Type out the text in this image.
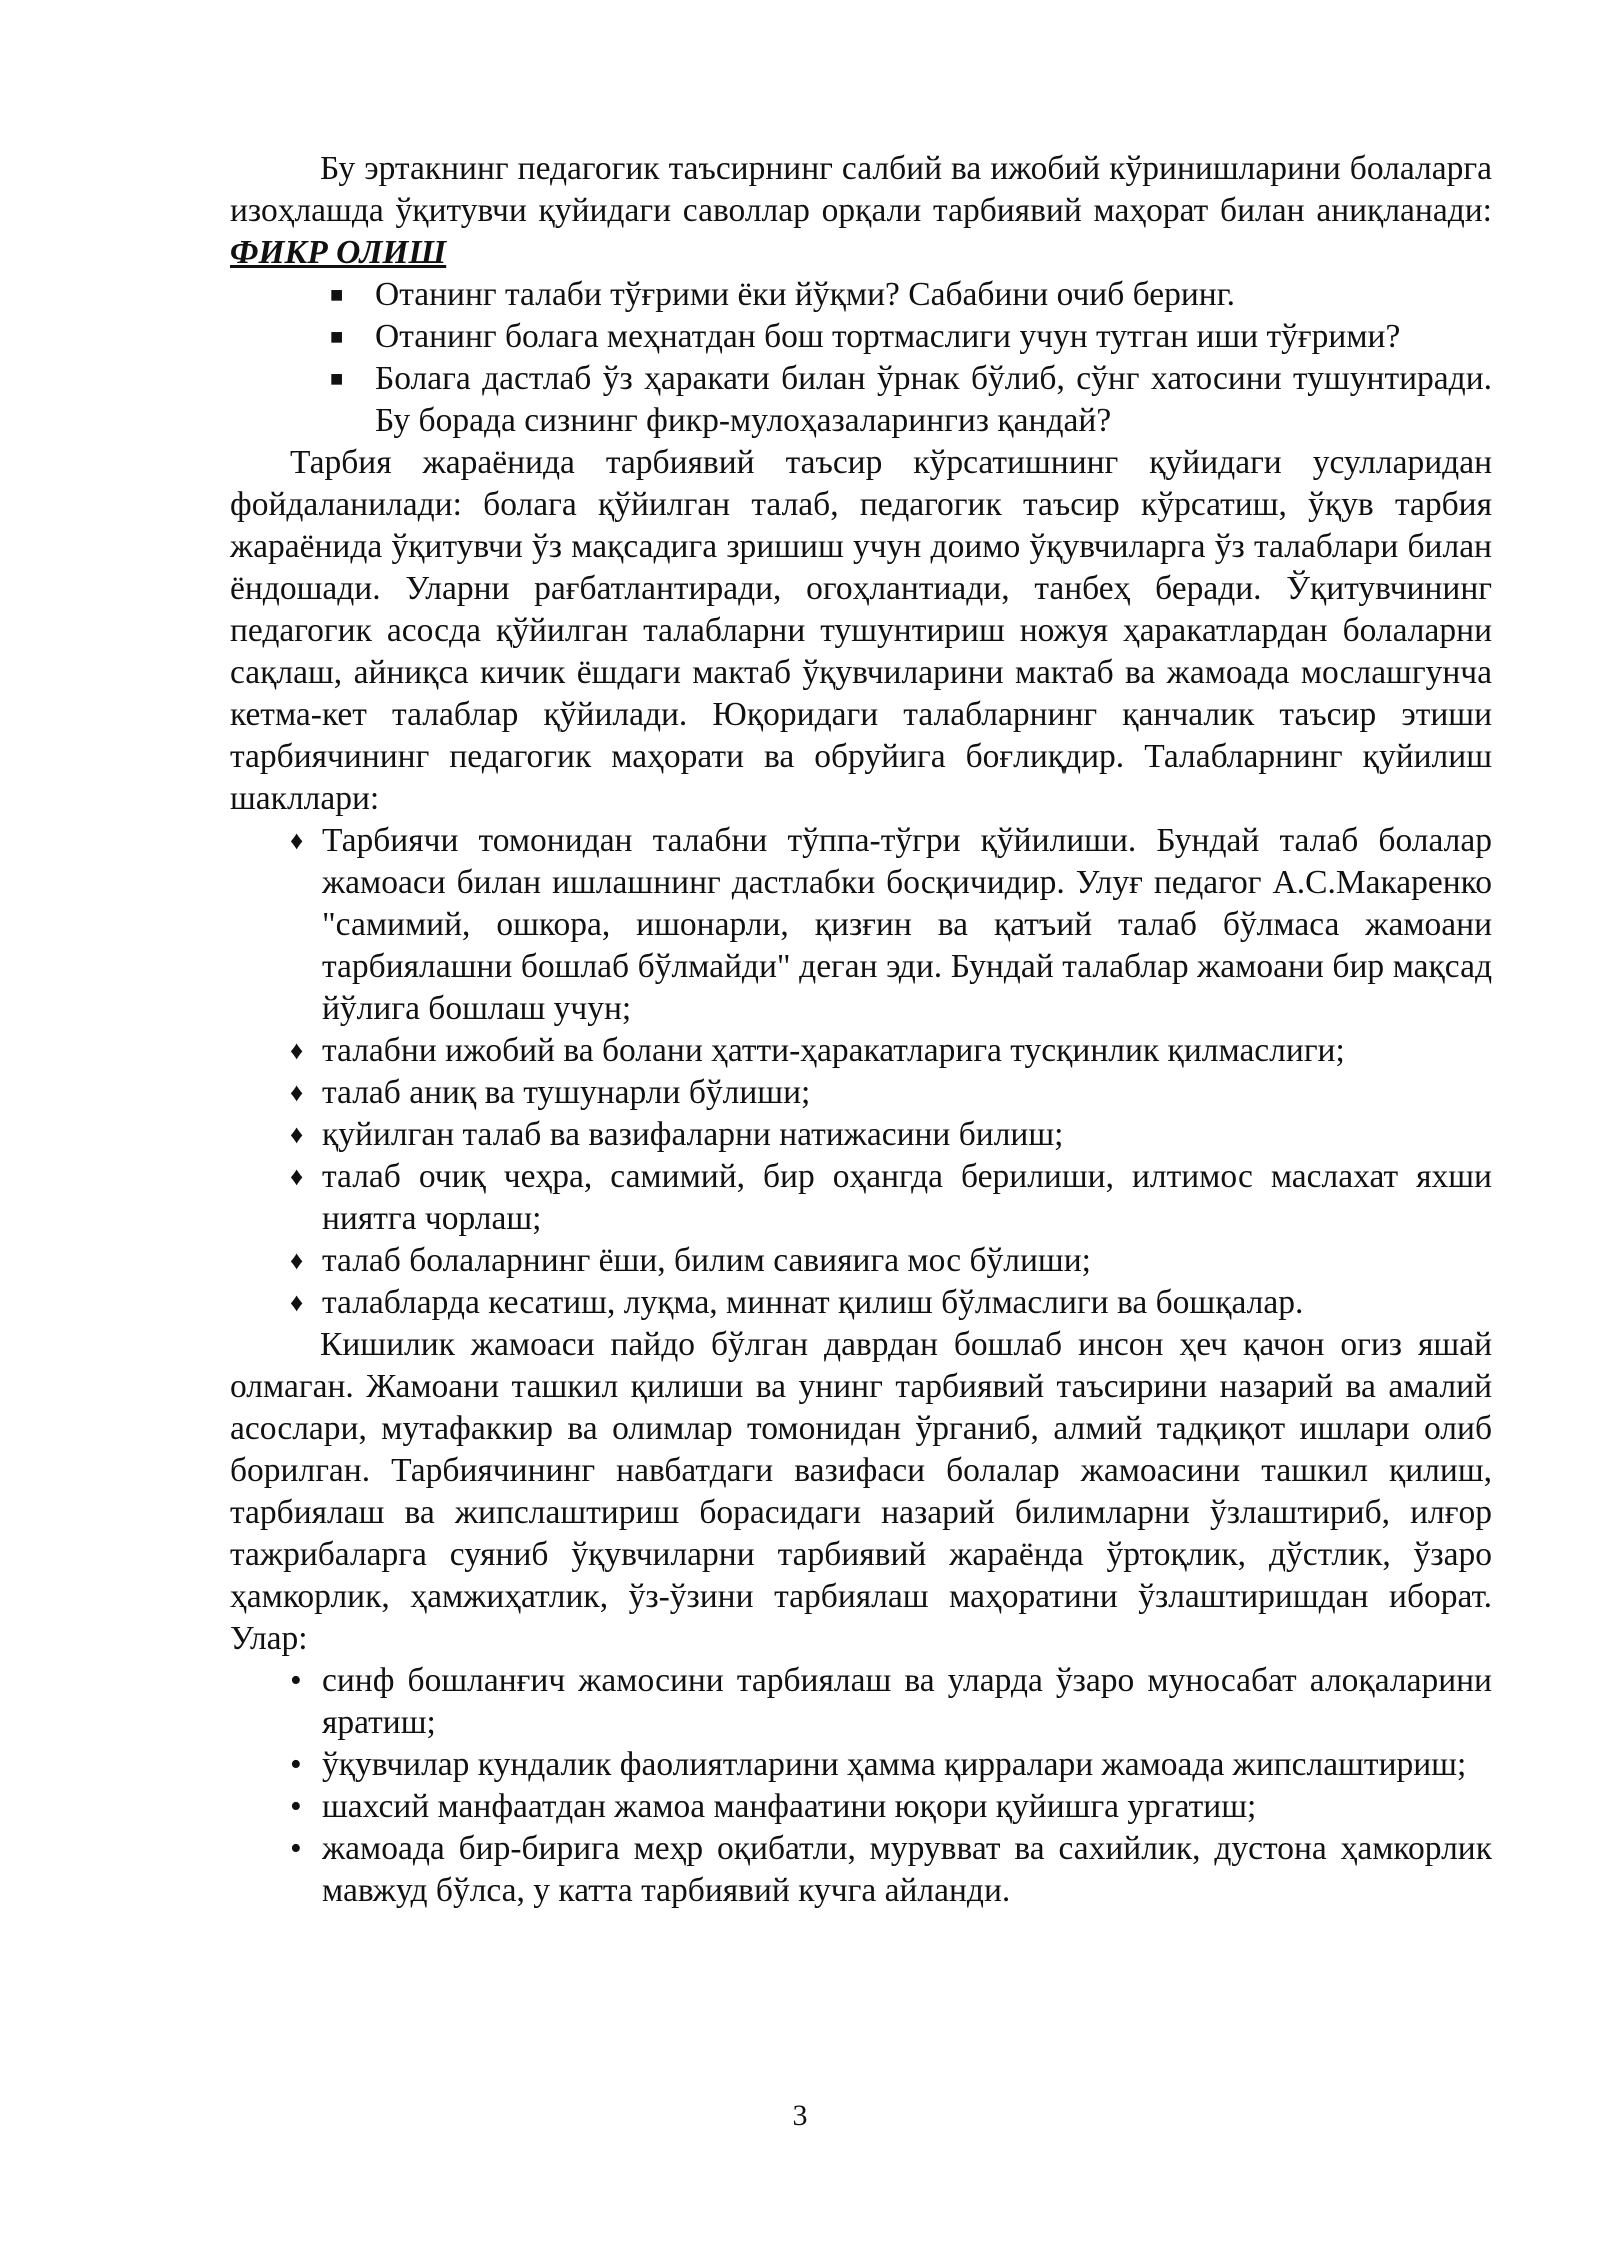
Бу эртакнинг педагогик таъсирнинг салбий ва ижобий кўринишларини болаларга изоҳлашда ўқитувчи қуйидаги саволлар орқали тарбиявий маҳорат билан аниқланади: ФИКР ОЛИШ

■ Отанинг талаби тўғрими ёки йўқми? Сабабини очиб беринг.
■ Отанинг болага меҳнатдан бош тортмаслиги учун тутган иши тўғрими?
■ Болага дастлаб ўз ҳаракати билан ўрнак бўлиб, сўнг хатосини тушунтиради. Бу борада сизнинг фикр-мулоҳазаларингиз қандай?

Тарбия жараёнида тарбиявий таъсир кўрсатишнинг қуйидаги усулларидан фойдаланилади: болага қўйилган талаб, педагогик таъсир кўрсатиш, ўқув тарбия жараёнида ўқитувчи ўз мақсадига зришиш учун доимо ўқувчиларга ўз талаблари билан ёндошади. Уларни рағбатлантиради, огоҳлантиади, танбеҳ беради. Ўқитувчининг педагогик асосда қўйилган талабларни тушунтириш ножуя ҳаракатлардан болаларни сақлаш, айниқса кичик ёшдаги мактаб ўқувчиларини мактаб ва жамоада мослашгунча кетма-кет талаблар қўйилади. Юқоридаги талабларнинг қанчалик таъсир этиши тарбиячининг педагогик маҳорати ва обруйига боғлиқдир. Талабларнинг қуйилиш шакллари:

♦ Тарбиячи томонидан талабни тўппа-тўгри қўйилиши. Бундай талаб болалар жамоаси билан ишлашнинг дастлабки босқичидир. Улуғ педагог А.С.Макаренко "самимий, ошкора, ишонарли, қизғин ва қатъий талаб бўлмаса жамоани тарбиялашни бошлаб бўлмайди" деган эди. Бундай талаблар жамоани бир мақсад йўлига бошлаш учун;
♦ талабни ижобий ва болани ҳатти-ҳаракатларига тусқинлик қилмаслиги;
♦ талаб аниқ ва тушунарли бўлиши;
♦ қуйилган талаб ва вазифаларни натижасини билиш;
♦ талаб очиқ чеҳра, самимий, бир оҳангда берилиши, илтимос маслахат яхши ниятга чорлаш;
♦ талаб болаларнинг ёши, билим савияига мос бўлиши;
♦ талабларда кесатиш, луқма, миннат қилиш бўлмаслиги ва бошқалар.

Кишилик жамоаси пайдо бўлган даврдан бошлаб инсон ҳеч қачон огиз яшай олмаган. Жамоани ташкил қилиши ва унинг тарбиявий таъсирини назарий ва амалий асослари, мутафаккир ва олимлар томонидан ўрганиб, алмий тадқиқот ишлари олиб борилган. Тарбиячининг навбатдаги вазифаси болалар жамоасини ташкил қилиш, тарбиялаш ва жипслаштириш борасидаги назарий билимларни ўзлаштириб, илғор тажрибаларга суяниб ўқувчиларни тарбиявий жараёнда ўртоқлик, дўстлик, ўзаро ҳамкорлик, ҳамжиҳатлик, ўз-ўзини тарбиялаш маҳоратини ўзлаштиришдан иборат. Улар:

• синф бошланғич жамосини тарбиялаш ва уларда ўзаро муносабат алоқаларини яратиш;
• ўқувчилар кундалик фаолиятларини ҳамма қирралари жамоада жипслаштириш;
• шахсий манфаатдан жамоа манфаатини юқори қуйишга ургатиш;
• жамоада бир-бирига меҳр оқибатли, мурувват ва сахийлик, дустона ҳамкорлик мавжуд бўлса, у катта тарбиявий кучга айланди.
3
